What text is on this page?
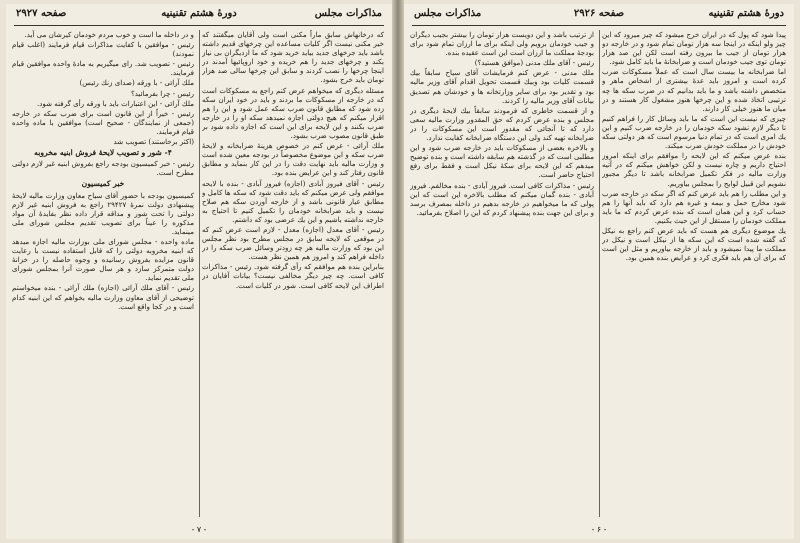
مذاكرات مجلس
دورهٔ هشتم تقنينيه
صفحه ۲۹۲۷

كه درخانهاش سابق ماراً مكنى است ولى آقايان ميگفتند كه خير مكنى نيست اگر كليات مساعده اين چرخهاى قديم داشته باشد بايد جرخهاى جديد بيايد خريد شود كه ما ازديگران بى نياز بكند و چرخهاى جديد را هم خريده و خود اروپائيها آمدند در اينجا چرخها را نصب كردند و سابق اين چرخها سالى صد هزار تومان بايد خرج بشود.

مسئله ديگرى كه ميخواهم عرض كنم راجع به مسكوكات است كه در خارجه از مسكوكات ما بردند و بايد در خود ايران سكه زده شود كه مطابق قانون ضرب سكه عمل شود و اين را هم اقرار ميكنم كه هيچ دولتى اجازه نميدهد سكه او را در خارجه ضرب بكنند و اين لايحه براى اين است كه اجازه داده شود بر طبق قانون مصوب ضرب بشود.

ملك آرائى - عرض كنم در خصوص هزينهٔ ضرابخانه و لايحهٔ ضرب سكه و اين موضوع مخصوصاً در بودجه معين شده است و وزارت ماليه بايد نهايت دقت را در اين كار بنمايد و مطابق قانون رفتار كند و اين عرايض بنده بود.

رئيس - آقاى فيروز آبادى (اجازه) فيروز آبادى - بنده با لايحه موافقم ولى عرض ميكنم كه بايد دقت شود كه سكه ها كامل و مطابق عيار قانونى باشد و از خارجه آوردن سكه هم صلاح نيست و بايد ضرابخانه خودمان را تكميل كنيم تا احتياج به خارجه نداشته باشيم و اين يك عرضى بود كه داشتم.

رئيس - آقاى معدل (اجازه) معدل - لازم است عرض كنم كه در موقعى كه لايحه سابق در مجلس مطرح بود نظر مجلس اين بود كه وزارت ماليه هر چه زودتر وسائل ضرب سكه را در داخله فراهم كند و امروز هم همين نظر هست.

بنابراين بنده هم موافقم كه رأى گرفته شود. رئيس - مذاكرات كافى است. چه چيز ديگر مخالفى نيست؟ بيانات آقايان در اطراف اين لايحه كافى است. شور در كليات است.

و در داخله ما است و خوب مردم خودمان كيرشان مى آيد.

رئيس - موافقين با كفايت مذاكرات قيام فرمايند (اغلب قيام نمودند)

رئيس - تصويب شد. راى ميگيريم به مادهٔ واحده موافقين قيام فرمايند.

ملك آرائى - با ورقه (صداى زنك رئيس)

رئيس - چرا بفرمائيد؟

ملك آرائى - اين اعتبارات بايد با ورقه رأى گرفته شود.

رئيس - خيراً از اين قانون است براى ضرب سكه در خارجه (جمعى از نمايندگان - صحيح است) موافقين با ماده واحده قيام فرمايند.

(اكثر برخاستند) تصويب شد

۴- شور و تصويب لايحهٔ فروش ابنيه مخروبه

رئيس - خبر كميسيون بودجه راجع بفروش ابنيه غير لازم دولتى مطرح است.

خبر كميسيون

كميسيون بودجه با حضور آقاى سياح معاون وزارت ماليه لايحهٔ پيشنهادى دولت نمرهٔ ۲۹۴۲۷ راجع به فروش ابنيه غير لازم دولتى را تحت شور و مداقه قرار داده نظر بفايدهٔ آن مواد مذكوره را عيناً براى تصويب تقديم مجلس شوراى ملى مينمايد.

ماده واحده - مجلس شوراى ملى بوزارت ماليه اجازه ميدهد كه ابنيه مخروبه دولتى را كه قابل استفاده نيست با رعايت قانون مزايده بفروش رسانيده و وجوه حاصله را در خزانهٔ دولت متمركز سازد و هر سال صورت آنرا بمجلس شوراى ملى تقديم نمايد.

رئيس - آقاى ملك آرائى (اجازه) ملك آرائى - بنده ميخواستم توضيحى از آقاى معاون وزارت ماليه بخواهم كه اين ابنيه كدام است و در كجا واقع است.

- ۷ -
دورهٔ هشتم تقنينيه
صفحه ۲۹۲۶
مذاكرات مجلس

پيدا شود كه پول كه در ايران خرج ميشود كه چيز ميرود كه اين چيز ولو اينكه در اينجا سه هزار تومان تمام شود و در خارجه دو هزار تومان از جيب ما بيرون رفته است لكن اين صد هزار تومان توى جيب خودمان است و ضرابخانهٔ ما بايد كامل شود.

اما ضرابخانه ما بيست سال است كه عملاً مسكوكات ضرب كرده است و امروز بايد عدهٔ بيشترى از اشخاص ماهر و متخصص داشته باشد و ما بايد بدانيم كه در ضرب سكه ها چه ترتيبى اتخاذ شده و اين چرخها هنوز مشغول كار هستند و در ميان ما هنوز خيلى كار دارند.

چيزى كه نيست اين است كه ما بايد وسائل كار را فراهم كنيم تا ديگر لازم نشود سكه خودمان را در خارجه ضرب كنيم و اين يك امرى است كه در تمام دنيا مرسوم است كه هر دولتى سكه خودش را در مملكت خودش ضرب ميكند.

بنده عرض ميكنم كه اين لايحه را موافقم براى اينكه امروز احتياج داريم و چاره نيست و لكن خواهش ميكنم كه در آتيه وزارت ماليه در فكر تكميل ضرابخانه باشد تا ديگر مجبور نشويم اين قبيل لوايح را بمجلس بياوريم.

و اين مطلب را هم بايد عرض كنم كه اگر سكه در خارجه ضرب شود مخارج حمل و بيمه و غيره هم دارد كه بايد آنها را هم حساب كرد و اين همان است كه بنده عرض كردم كه ما بايد مملكت خودمان را مستقل از اين حيث بكنيم.

يك موضوع ديگرى هم هست كه بايد عرض كنم راجع به نيكل كه گفته شده است كه اين سكه ها از نيكل است و نيكل در مملكت ما پيدا نميشود و بايد از خارجه بياوريم و مثل اين است كه براى آن هم بايد فكرى كرد و عرايض بنده همين بود.

از ترتيب باشد و اين دويست هزار تومان را بيشتر بجيب ديگران و جيب خودمان برويم ولى اينكه براى ما ارزان تمام شود براى بودجهٔ مملكت ما ارزان است اين است عقيده بنده.

رئيس - آقاى ملك مدنى (موافق هستيد؟)

ملك مدنى - عرض كنم فرمايشات آقاى سياح سابقاً بيك قسمت كليات بود وبيك قسمت تحويل اقدام آقاى وزير ماليه بود و تقدير بود براى ساير وزارتخانه ها و خودشان هم تصديق بيانات آقاى وزير ماليه را كردند.

و از قسمت خاطرى كه فرمودند سابقاً بيك لايحهٔ ديگرى در مجلس و بنده عرض كردم كه حق المقدور وزارت ماليه سعى دارد كه تا آنجائى كه مقدور است اين مسكوكات را در ضرابخانه تهيه كند ولى اين دستگاه ضرابخانه كفايت ندارد.

و بالاخره بعضى از مسكوكات بايد در خارجه ضرب شود و اين مطلبى است كه در گذشته هم سابقه داشته است و بنده توضيح ميدهم كه اين لايحه براى سكهٔ نيكل است و فقط براى رفع احتياج حاضر است.

رئيس - مذاكرات كافى است. فيروز آبادى - بنده مخالفم. فيروز آبادى - بنده گمان ميكنم كه مطلب بالاخره اين است كه اين پولى كه ما ميخواهيم در خارجه بدهيم در داخله بمصرف برسد و براى اين جهت بنده پيشنهاد كردم كه اين را اصلاح بفرمائيد.

- ۶ -
